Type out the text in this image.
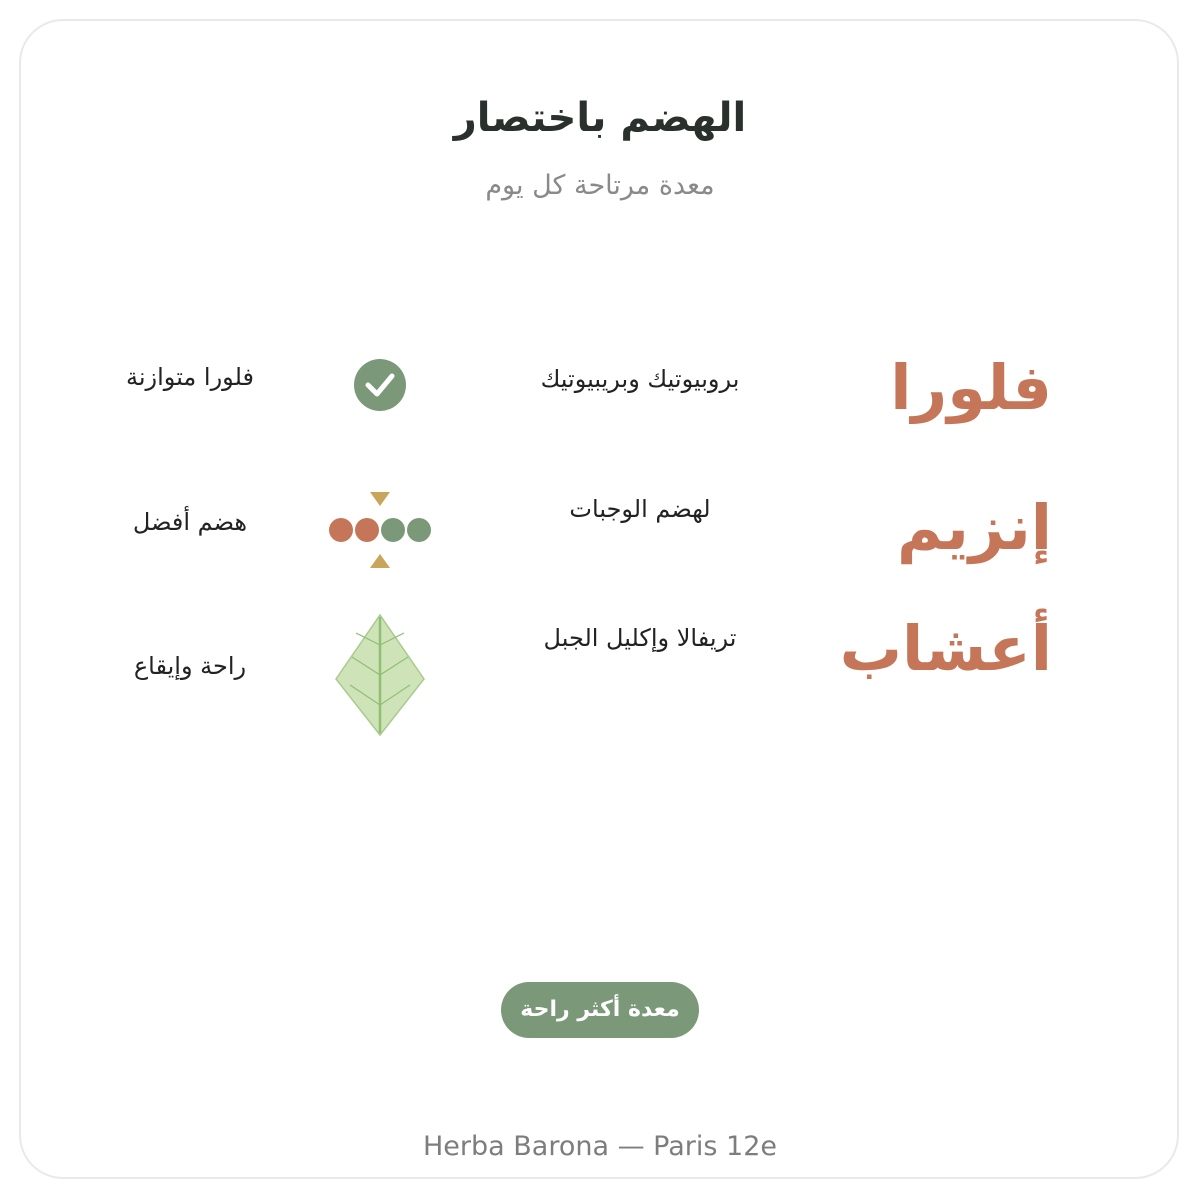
الهضم باختصار
معدة مرتاحة كل يوم
فلورا
بروبيوتيك وبريبيوتيك
فلورا متوازنة
إنزيم
لهضم الوجبات
هضم أفضل
أعشاب
تريفالا وإكليل الجبل
راحة وإيقاع
معدة أكثر راحة
Herba Barona — Paris 12e
